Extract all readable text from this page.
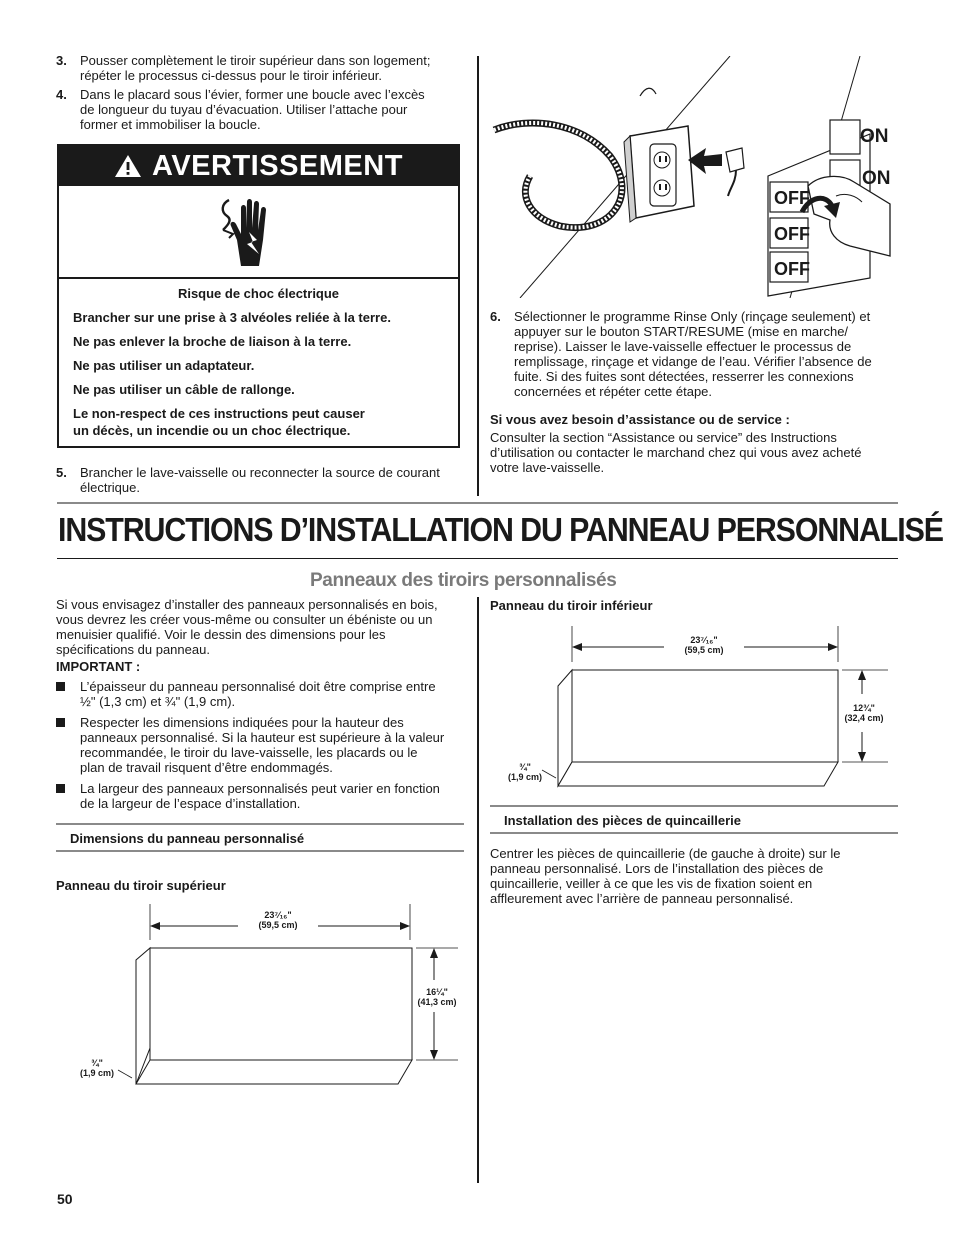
3. Pousser complètement le tiroir supérieur dans son logement;
répéter le processus ci-dessus pour le tiroir inférieur.
4. Dans le placard sous l’évier, former une boucle avec l’excès
de longueur du tuyau d’évacuation. Utiliser l’attache pour
former et immobiliser la boucle.
AVERTISSEMENT
Risque de choc électrique
Brancher sur une prise à 3 alvéoles reliée à la terre.
Ne pas enlever la broche de liaison à la terre.
Ne pas utiliser un adaptateur.
Ne pas utiliser un câble de rallonge.
Le non-respect de ces instructions peut causer
un décès, un incendie ou un choc électrique.
5. Brancher le lave-vaisselle ou reconnecter la source de courant
électrique.
ON
ON
OFF
OFF
OFF
6. Sélectionner le programme Rinse Only (rinçage seulement) et
appuyer sur le bouton START/RESUME (mise en marche/
reprise). Laisser le lave-vaisselle effectuer le processus de
remplissage, rinçage et vidange de l’eau. Vérifier l’absence de
fuite. Si des fuites sont détectées, resserrer les connexions
concernées et répéter cette étape.
Si vous avez besoin d’assistance ou de service :
Consulter la section “Assistance ou service” des Instructions
d’utilisation ou contacter le marchand chez qui vous avez acheté
votre lave-vaisselle.
INSTRUCTIONS D’INSTALLATION DU PANNEAU PERSONNALISÉ
Panneaux des tiroirs personnalisés
Si vous envisagez d’installer des panneaux personnalisés en bois,
vous devrez les créer vous-même ou consulter un ébéniste ou un
menuisier qualifié. Voir le dessin des dimensions pour les
spécifications du panneau.
IMPORTANT :
L’épaisseur du panneau personnalisé doit être comprise entre
½" (1,3 cm) et ¾" (1,9 cm).
Respecter les dimensions indiquées pour la hauteur des
panneaux personnalisé. Si la hauteur est supérieure à la valeur
recommandée, le tiroir du lave-vaisselle, les placards ou le
plan de travail risquent d’être endommagés.
La largeur des panneaux personnalisés peut varier en fonction
de la largeur de l’espace d’installation.
Dimensions du panneau personnalisé
Panneau du tiroir supérieur
23⁷⁄₁₆"
(59,5 cm)
16¼"
(41,3 cm)
¾"
(1,9 cm)
Panneau du tiroir inférieur
23⁷⁄₁₆"
(59,5 cm)
12¾"
(32,4 cm)
¾"
(1,9 cm)
Installation des pièces de quincaillerie
Centrer les pièces de quincaillerie (de gauche à droite) sur le
panneau personnalisé. Lors de l’installation des pièces de
quincaillerie, veiller à ce que les vis de fixation soient en
affleurement avec l’arrière de panneau personnalisé.
50
